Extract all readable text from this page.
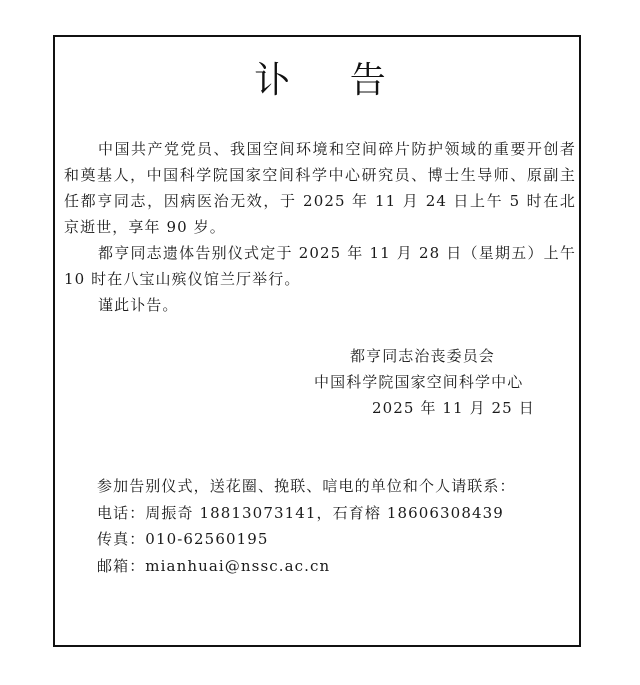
讣 告

中国共产党党员、我国空间环境和空间碎片防护领域的重要开创者和奠基人，中国科学院国家空间科学中心研究员、博士生导师、原副主任都亨同志，因病医治无效，于 2025 年 11 月 24 日上午 5 时在北京逝世，享年 90 岁。

都亨同志遗体告别仪式定于 2025 年 11 月 28 日（星期五）上午 10 时在八宝山殡仪馆兰厅举行。

谨此讣告。

都亨同志治丧委员会
中国科学院国家空间科学中心
2025 年 11 月 25 日
参加告别仪式，送花圈、挽联、唁电的单位和个人请联系：
电话：周振奇 18813073141，石育榕 18606308439
传真：010-62560195
邮箱：mianhuai@nssc.ac.cn
